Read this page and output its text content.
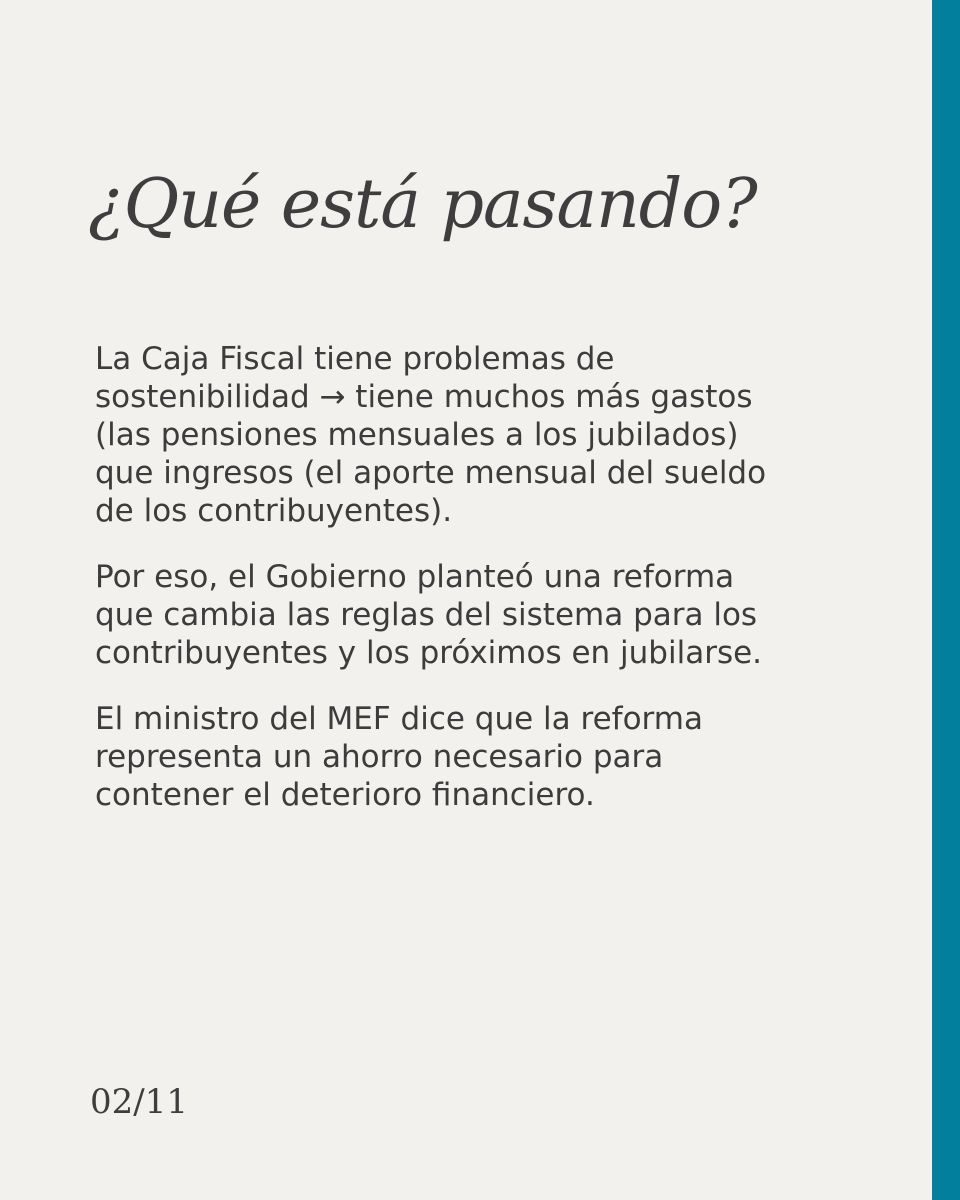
¿Qué está pasando?

La Caja Fiscal tiene problemas de sostenibilidad → tiene muchos más gastos (las pensiones mensuales a los jubilados) que ingresos (el aporte mensual del sueldo de los contribuyentes).

Por eso, el Gobierno planteó una reforma que cambia las reglas del sistema para los contribuyentes y los próximos en jubilarse.

El ministro del MEF dice que la reforma representa un ahorro necesario para contener el deterioro financiero.

02/11
